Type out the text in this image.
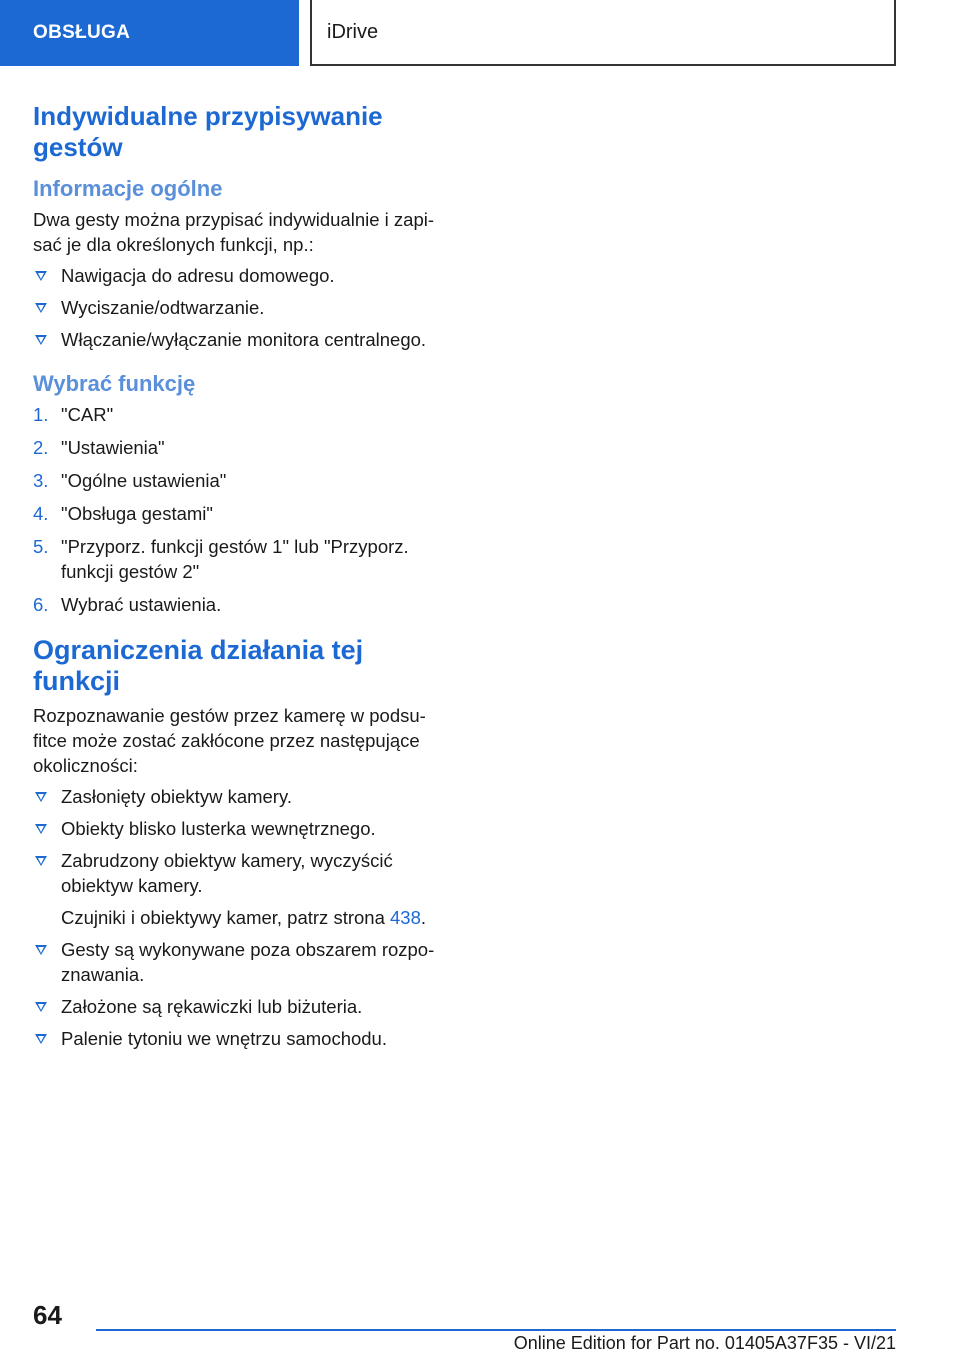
OBSŁUGA	iDrive
Indywidualne przypisywanie gestów
Informacje ogólne

Dwa gesty można przypisać indywidualnie i zapi-sać je dla określonych funkcji, np.:

Nawigacja do adresu domowego.
Wyciszanie/odtwarzanie.
Włączanie/wyłączanie monitora centralnego.
Wybrać funkcję
1. "CAR"
2. "Ustawienia"
3. "Ogólne ustawienia"
4. "Obsługa gestami"
5. "Przyporz. funkcji gestów 1" lub "Przyporz. funkcji gestów 2"
6. Wybrać ustawienia.
Ograniczenia działania tej funkcji

Rozpoznawanie gestów przez kamerę w podsu-fitce może zostać zakłócone przez następujące okoliczności:

Zasłonięty obiektyw kamery.
Obiekty blisko lusterka wewnętrznego.
Zabrudzony obiektyw kamery, wyczyścić obiektyw kamery.
Czujniki i obiektywy kamer, patrz strona 438.
Gesty są wykonywane poza obszarem rozpo-znawania.
Założone są rękawiczki lub biżuteria.
Palenie tytoniu we wnętrzu samochodu.
64
Online Edition for Part no. 01405A37F35 - VI/21
